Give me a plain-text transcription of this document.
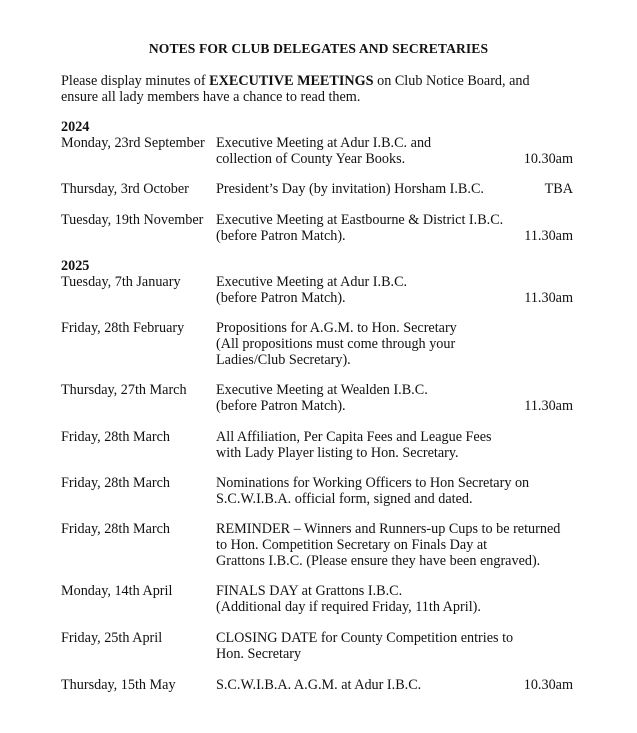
NOTES FOR CLUB DELEGATES AND SECRETARIES
Please display minutes of EXECUTIVE MEETINGS on Club Notice Board, and
ensure all lady members have a chance to read them.
2024
Monday, 23rd September Executive Meeting at Adur I.B.C. and
collection of County Year Books.	10.30am
Thursday, 3rd October President’s Day (by invitation) Horsham I.B.C.	TBA
Tuesday, 19th November Executive Meeting at Eastbourne & District I.B.C.
(before Patron Match).	11.30am
2025
Tuesday, 7th January Executive Meeting at Adur I.B.C.
(before Patron Match).	11.30am
Friday, 28th February Propositions for A.G.M. to Hon. Secretary
(All propositions must come through your
Ladies/Club Secretary).
Thursday, 27th March Executive Meeting at Wealden I.B.C.
(before Patron Match).	11.30am
Friday, 28th March	All Affiliation, Per Capita Fees and League Fees
with Lady Player listing to Hon. Secretary.
Friday, 28th March	Nominations for Working Officers to Hon Secretary on
S.C.W.I.B.A. official form, signed and dated.
Friday, 28th March	REMINDER – Winners and Runners-up Cups to be returned
to Hon. Competition Secretary on Finals Day at
Grattons I.B.C. (Please ensure they have been engraved).
Monday, 14th April	FINALS DAY at Grattons I.B.C.
(Additional day if required Friday, 11th April).
Friday, 25th April	CLOSING DATE for County Competition entries to
Hon. Secretary
Thursday, 15th May	S.C.W.I.B.A. A.G.M. at Adur I.B.C.	10.30am
